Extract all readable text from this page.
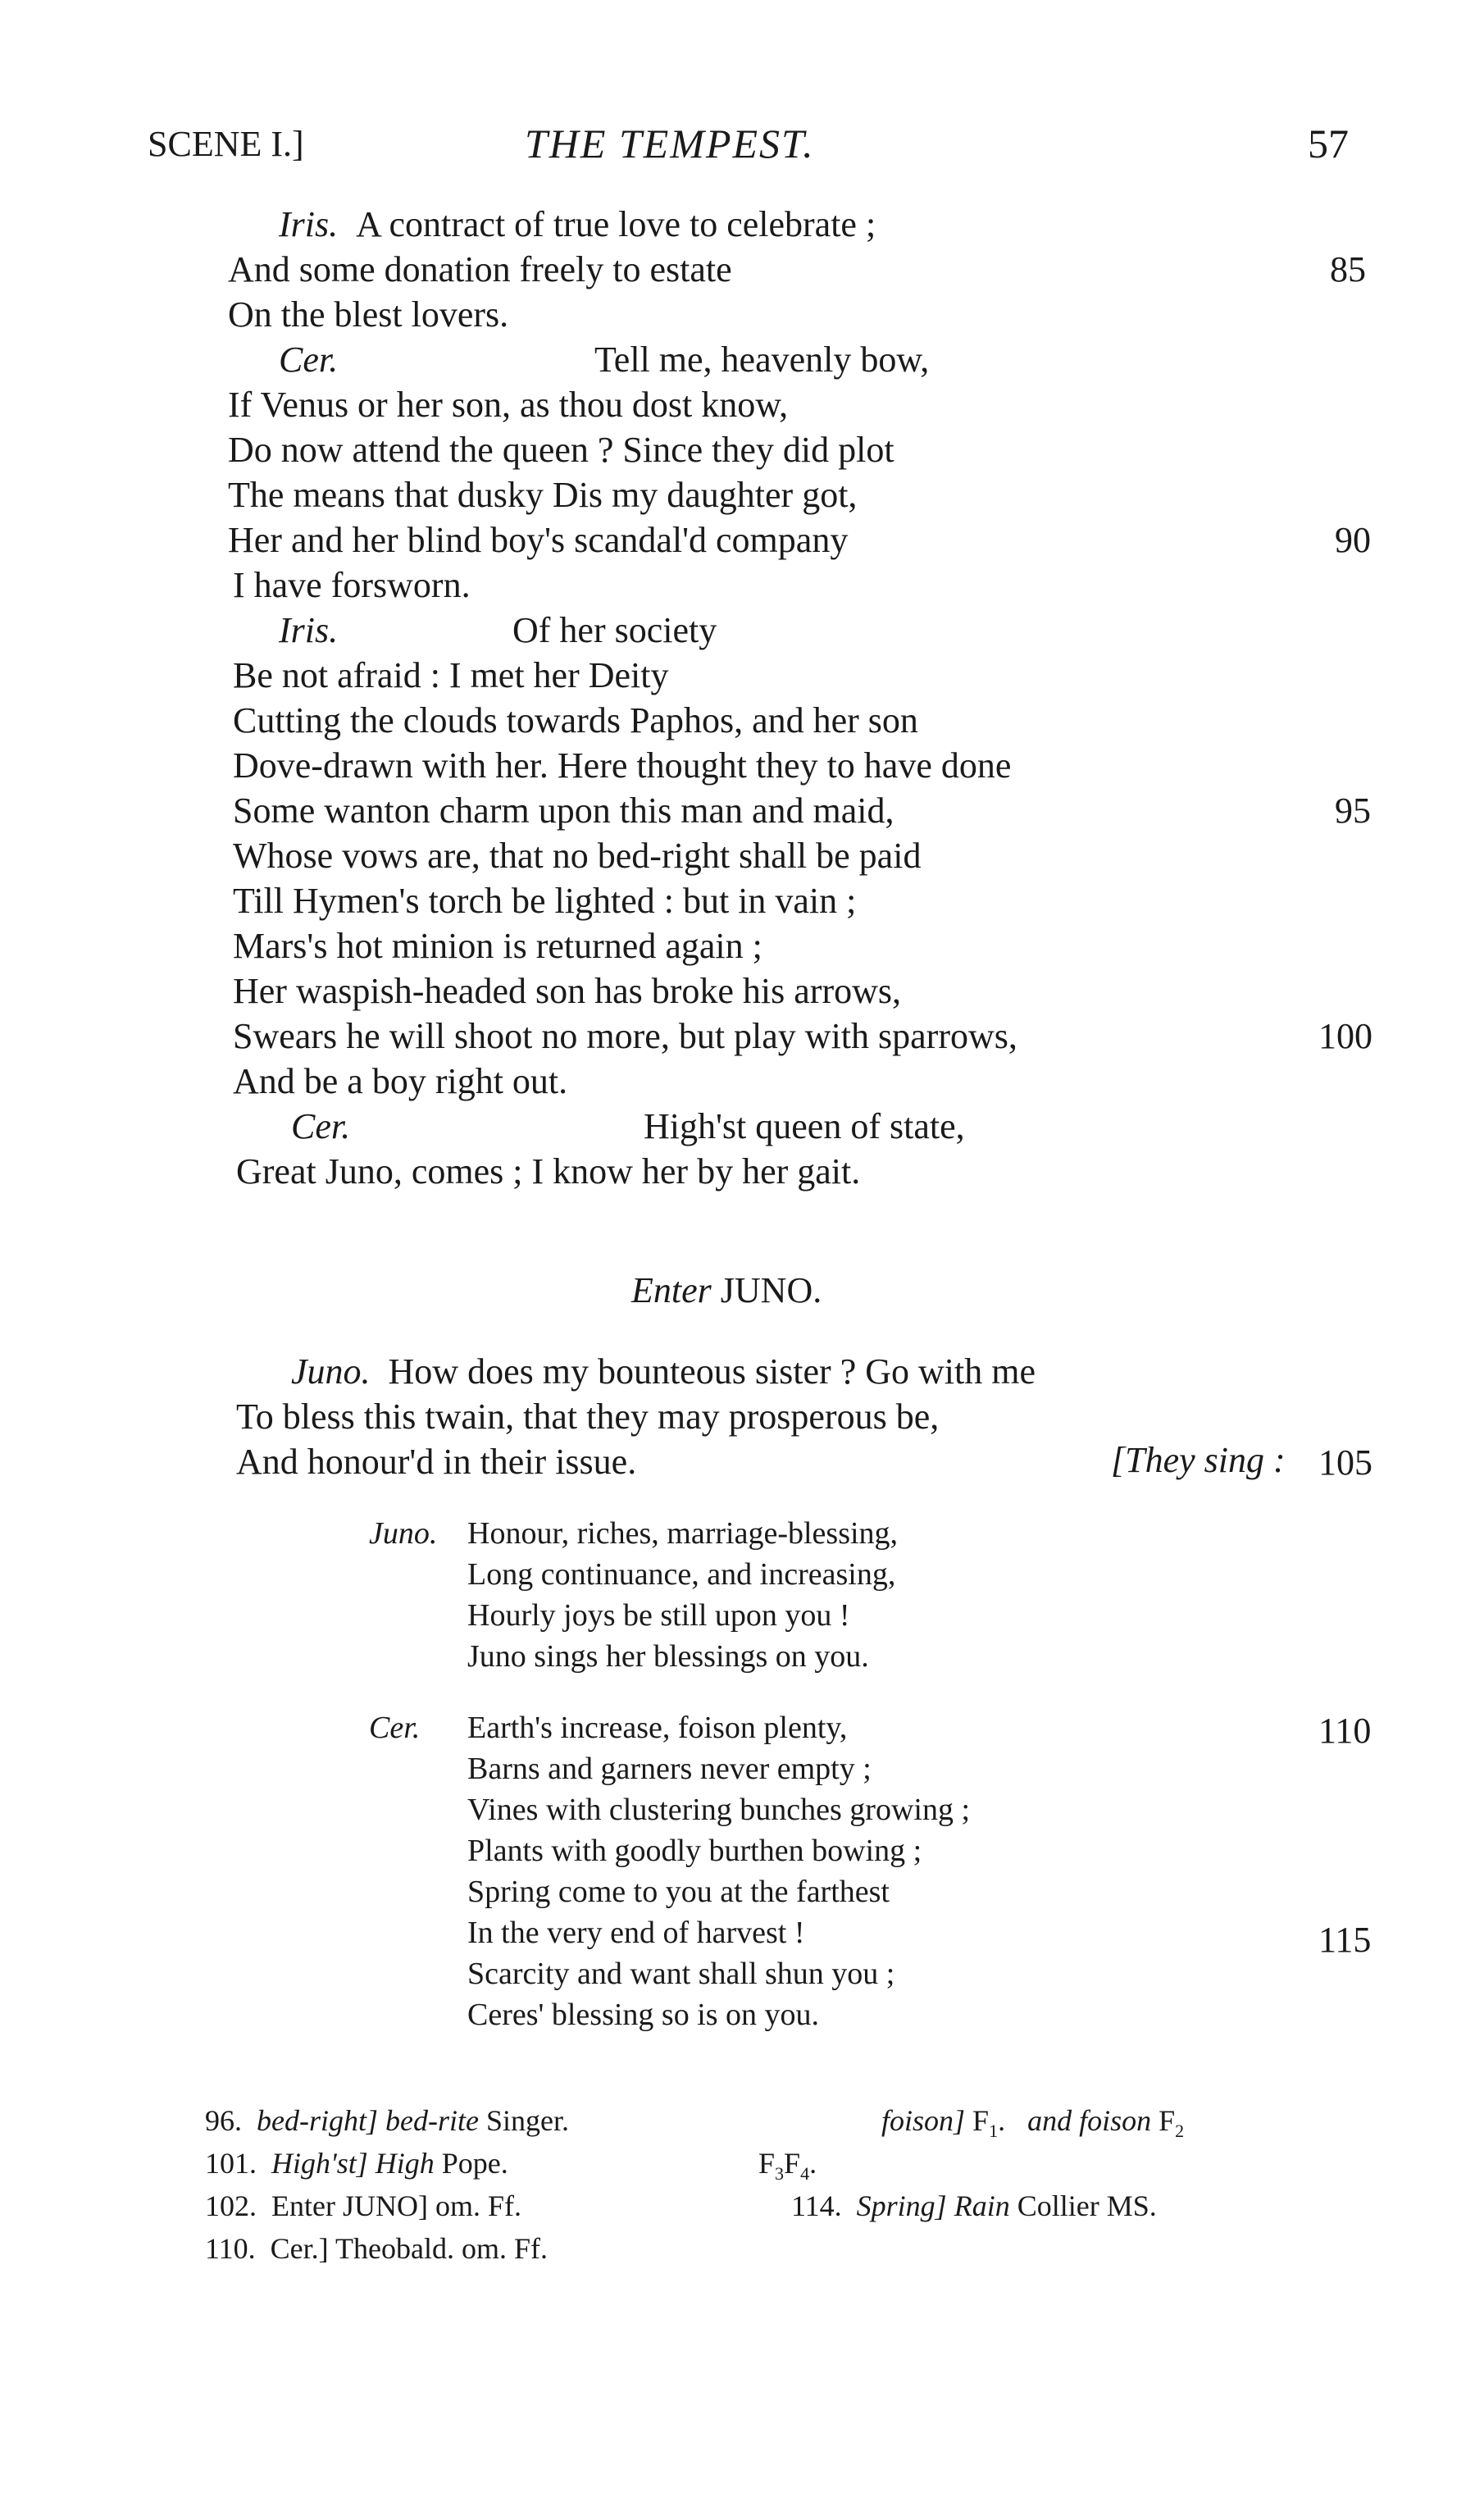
SCENE I.]	THE TEMPEST.	57
Iris. A contract of true love to celebrate ;
And some donation freely to estate
On the blest lovers.
Cer.	Tell me, heavenly bow,
If Venus or her son, as thou dost know,
Do now attend the queen ? Since they did plot
The means that dusky Dis my daughter got,
Her and her blind boy's scandal'd company
I have forsworn.
Iris.	Of her society
Be not afraid : I met her Deity
Cutting the clouds towards Paphos, and her son
Dove-drawn with her. Here thought they to have done
Some wanton charm upon this man and maid,
Whose vows are, that no bed-right shall be paid
Till Hymen's torch be lighted : but in vain ;
Mars's hot minion is returned again ;
Her waspish-headed son has broke his arrows,
Swears he will shoot no more, but play with sparrows,
And be a boy right out.
Cer.	High'st queen of state,
Great Juno, comes ; I know her by her gait.
85
90
95
100
105
110
115
Enter JUNO.
Juno. How does my bounteous sister ? Go with me
To bless this twain, that they may prosperous be,
And honour'd in their issue.	[They sing :
Juno. Honour, riches, marriage-blessing,
Long continuance, and increasing,
Hourly joys be still upon you !
Juno sings her blessings on you.
Cer. Earth's increase, foison plenty,
Barns and garners never empty ;
Vines with clustering bunches growing ;
Plants with goodly burthen bowing ;
Spring come to you at the farthest
In the very end of harvest !
Scarcity and want shall shun you ;
Ceres' blessing so is on you.
96. bed-right] bed-rite Singer.
101. High'st] High Pope.
102. Enter JUNO] om. Ff.
110. Cer.] Theobald. om. Ff.
foison] $F_1$.   and foison $F_2$
$F_3F_4$.
114. Spring] Rain Collier MS.
